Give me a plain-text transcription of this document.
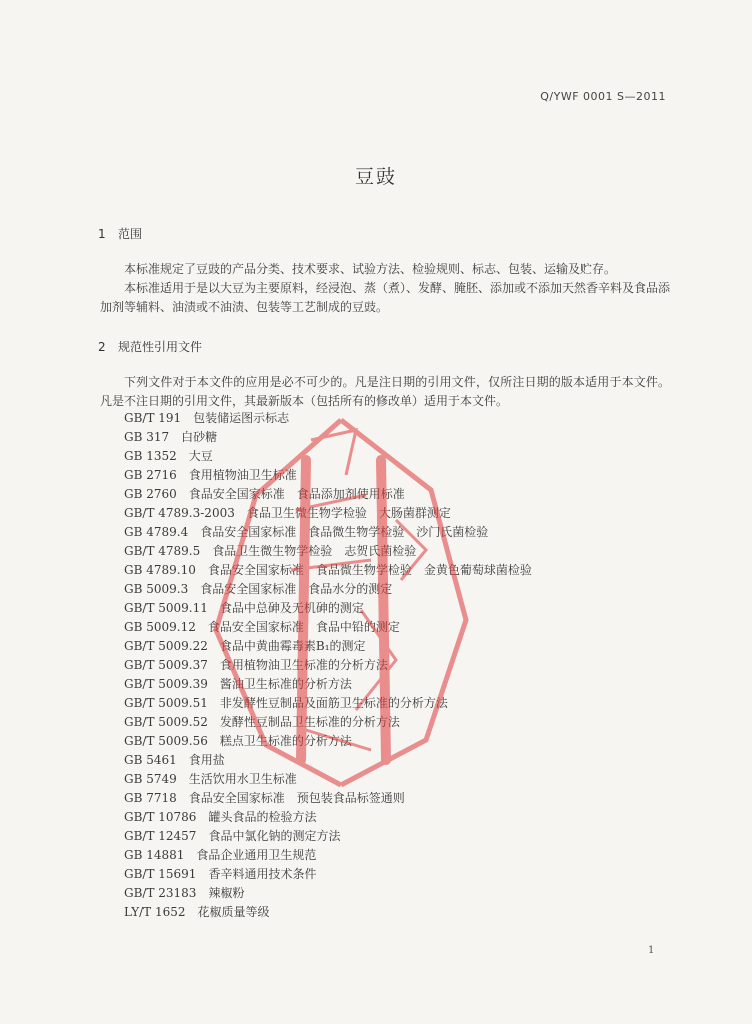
Q/YWF 0001 S—2011
豆豉
1 范围
本标准规定了豆豉的产品分类、技术要求、试验方法、检验规则、标志、包装、运输及贮存。
本标准适用于是以大豆为主要原料，经浸泡、蒸（煮）、发酵、腌胚、添加或不添加天然香辛料及食品添加剂等辅料、油渍或不油渍、包装等工艺制成的豆豉。
2 规范性引用文件
下列文件对于本文件的应用是必不可少的。凡是注日期的引用文件，仅所注日期的版本适用于本文件。凡是不注日期的引用文件，其最新版本（包括所有的修改单）适用于本文件。
GB/T 191 包装储运图示标志
GB 317 白砂糖
GB 1352 大豆
GB 2716 食用植物油卫生标准
GB 2760 食品安全国家标准　食品添加剂使用标准
GB/T 4789.3-2003 食品卫生微生物学检验　大肠菌群测定
GB 4789.4 食品安全国家标准　食品微生物学检验　沙门氏菌检验
GB/T 4789.5 食品卫生微生物学检验　志贺氏菌检验
GB 4789.10 食品安全国家标准　食品微生物学检验　金黄色葡萄球菌检验
GB 5009.3 食品安全国家标准　食品水分的测定
GB/T 5009.11 食品中总砷及无机砷的测定
GB 5009.12 食品安全国家标准　食品中铅的测定
GB/T 5009.22 食品中黄曲霉毒素B₁的测定
GB/T 5009.37 食用植物油卫生标准的分析方法
GB/T 5009.39 酱油卫生标准的分析方法
GB/T 5009.51 非发酵性豆制品及面筋卫生标准的分析方法
GB/T 5009.52 发酵性豆制品卫生标准的分析方法
GB/T 5009.56 糕点卫生标准的分析方法
GB 5461 食用盐
GB 5749 生活饮用水卫生标准
GB 7718 食品安全国家标准　预包装食品标签通则
GB/T 10786 罐头食品的检验方法
GB/T 12457 食品中氯化钠的测定方法
GB 14881 食品企业通用卫生规范
GB/T 15691 香辛料通用技术条件
GB/T 23183 辣椒粉
LY/T 1652 花椒质量等级
1
